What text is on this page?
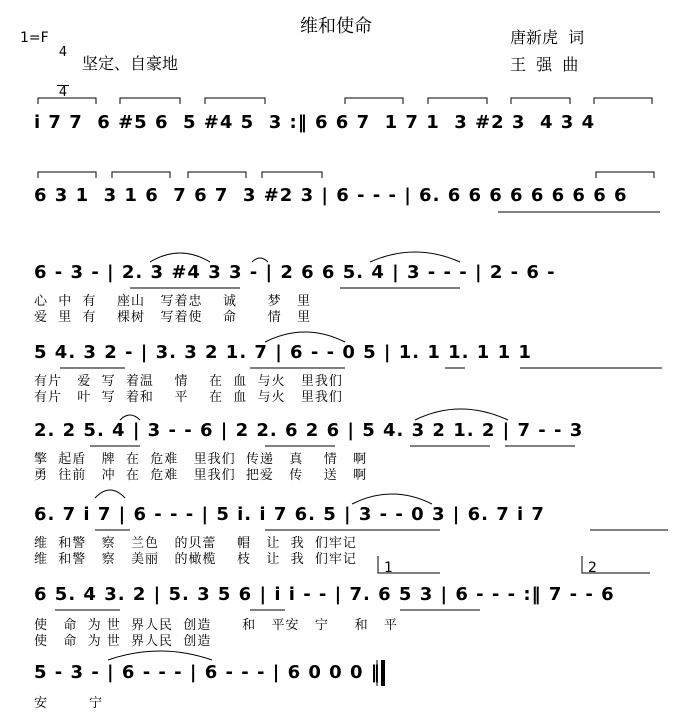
维和使命
1=F

4

4

坚定、自豪地
唐新虎  词
王  强  曲
i 7 7  6 #5 6  5 #4 5  3 :‖ 6 6 7  1 7 1  3 #2 3  4 3 4
6 3 1  3 1 6  7 6 7  3 #2 3 | 6 - - - | 6. 6 6 6 6 6 6 6 6 6
6 - 3 - | 2. 3 #4 3 3 - | 2 6 6 5. 4 | 3 - - - | 2 - 6 -
心  中  有    座山   写着忠    诚      梦   里
爱  里  有    棵树   写着使    命      情   里
5 4. 3 2 - | 3. 3 2 1. 7 | 6 - - 0 5 | 1. 1 1. 1 1 1
有片   爱  写  着温    情    在  血  与火   里我们
有片   叶  写  着和    平    在  血  与火   里我们
2. 2 5. 4 | 3 - - 6 | 2 2. 6 2 6 | 5 4. 3 2 1. 2 | 7 - - 3
擎  起盾   牌  在  危难   里我们  传递   真    情   啊
勇  往前   冲  在  危难   里我们  把爱   传    送   啊
6. 7 i 7 | 6 - - - | 5 i. i 7 6. 5 | 3 - - 0 3 | 6. 7 i 7
维  和警   察   兰色   的贝蕾    帽   让  我  们牢记
维  和警   察   美丽   的橄榄    枝   让  我  们牢记
1	2
6 5. 4 3. 2 | 5. 3 5 6 | i i - - | 7. 6 5 3 | 6 - - - :‖ 7 - - 6
使   命  为 世  界人民  创造      和   平安   宁     和   平
使   命  为 世  界人民  创造
5 - 3 - | 6 - - - | 6 - - - | 6 0 0 0 ‖
安        宁
